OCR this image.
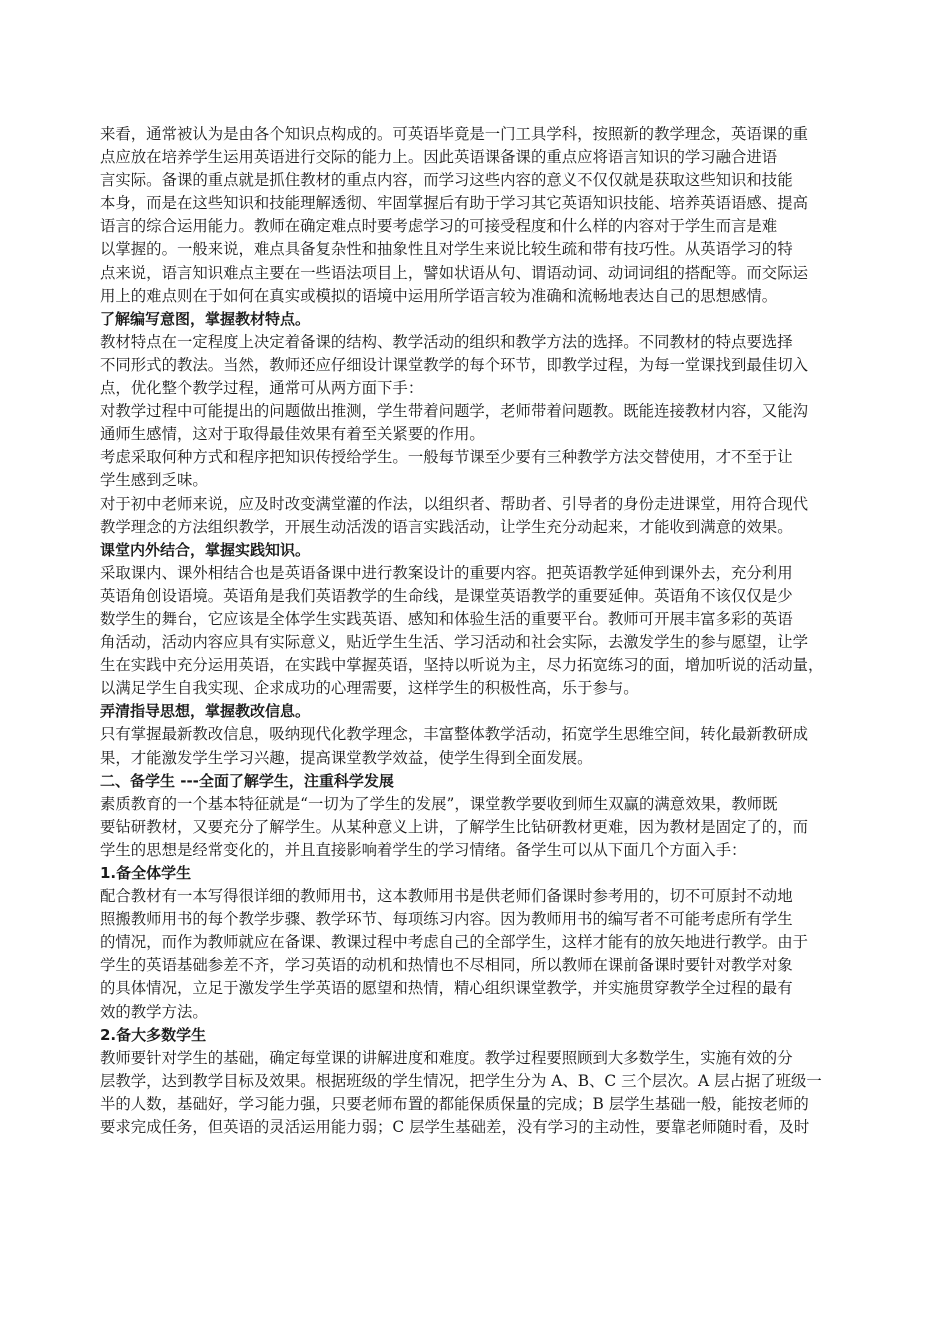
来看，通常被认为是由各个知识点构成的。可英语毕竟是一门工具学科，按照新的教学理念，英语课的重
点应放在培养学生运用英语进行交际的能力上。因此英语课备课的重点应将语言知识的学习融合进语
言实际。备课的重点就是抓住教材的重点内容，而学习这些内容的意义不仅仅就是获取这些知识和技能
本身，而是在这些知识和技能理解透彻、牢固掌握后有助于学习其它英语知识技能、培养英语语感、提高
语言的综合运用能力。教师在确定难点时要考虑学习的可接受程度和什么样的内容对于学生而言是难
以掌握的。一般来说，难点具备复杂性和抽象性且对学生来说比较生疏和带有技巧性。从英语学习的特
点来说，语言知识难点主要在一些语法项目上，譬如状语从句、谓语动词、动词词组的搭配等。而交际运
用上的难点则在于如何在真实或模拟的语境中运用所学语言较为准确和流畅地表达自己的思想感情。
了解编写意图，掌握教材特点。
教材特点在一定程度上决定着备课的结构、教学活动的组织和教学方法的选择。不同教材的特点要选择
不同形式的教法。当然，教师还应仔细设计课堂教学的每个环节，即教学过程，为每一堂课找到最佳切入
点，优化整个教学过程，通常可从两方面下手：
对教学过程中可能提出的问题做出推测，学生带着问题学，老师带着问题教。既能连接教材内容，又能沟
通师生感情，这对于取得最佳效果有着至关紧要的作用。
考虑采取何种方式和程序把知识传授给学生。一般每节课至少要有三种教学方法交替使用，才不至于让
学生感到乏味。
对于初中老师来说，应及时改变满堂灌的作法，以组织者、帮助者、引导者的身份走进课堂，用符合现代
教学理念的方法组织教学，开展生动活泼的语言实践活动，让学生充分动起来，才能收到满意的效果。
课堂内外结合，掌握实践知识。
采取课内、课外相结合也是英语备课中进行教案设计的重要内容。把英语教学延伸到课外去，充分利用
英语角创设语境。英语角是我们英语教学的生命线，是课堂英语教学的重要延伸。英语角不该仅仅是少
数学生的舞台，它应该是全体学生实践英语、感知和体验生活的重要平台。教师可开展丰富多彩的英语
角活动，活动内容应具有实际意义，贴近学生生活、学习活动和社会实际，去激发学生的参与愿望，让学
生在实践中充分运用英语，在实践中掌握英语，坚持以听说为主，尽力拓宽练习的面，增加听说的活动量，
以满足学生自我实现、企求成功的心理需要，这样学生的积极性高，乐于参与。
弄清指导思想，掌握教改信息。
只有掌握最新教改信息，吸纳现代化教学理念，丰富整体教学活动，拓宽学生思维空间，转化最新教研成
果，才能激发学生学习兴趣，提高课堂教学效益，使学生得到全面发展。
二、备学生 ---全面了解学生，注重科学发展
素质教育的一个基本特征就是“一切为了学生的发展”，课堂教学要收到师生双赢的满意效果，教师既
要钻研教材，又要充分了解学生。从某种意义上讲，了解学生比钻研教材更难，因为教材是固定了的，而
学生的思想是经常变化的，并且直接影响着学生的学习情绪。备学生可以从下面几个方面入手：
1.备全体学生
配合教材有一本写得很详细的教师用书，这本教师用书是供老师们备课时参考用的，切不可原封不动地
照搬教师用书的每个教学步骤、教学环节、每项练习内容。因为教师用书的编写者不可能考虑所有学生
的情况，而作为教师就应在备课、教课过程中考虑自己的全部学生，这样才能有的放矢地进行教学。由于
学生的英语基础参差不齐，学习英语的动机和热情也不尽相同，所以教师在课前备课时要针对教学对象
的具体情况，立足于激发学生学英语的愿望和热情，精心组织课堂教学，并实施贯穿教学全过程的最有
效的教学方法。
2.备大多数学生
教师要针对学生的基础，确定每堂课的讲解进度和难度。教学过程要照顾到大多数学生，实施有效的分
层教学，达到教学目标及效果。根据班级的学生情况，把学生分为 A、B、C 三个层次。A 层占据了班级一
半的人数，基础好，学习能力强，只要老师布置的都能保质保量的完成；B 层学生基础一般，能按老师的
要求完成任务，但英语的灵活运用能力弱；C 层学生基础差，没有学习的主动性，要靠老师随时看，及时
